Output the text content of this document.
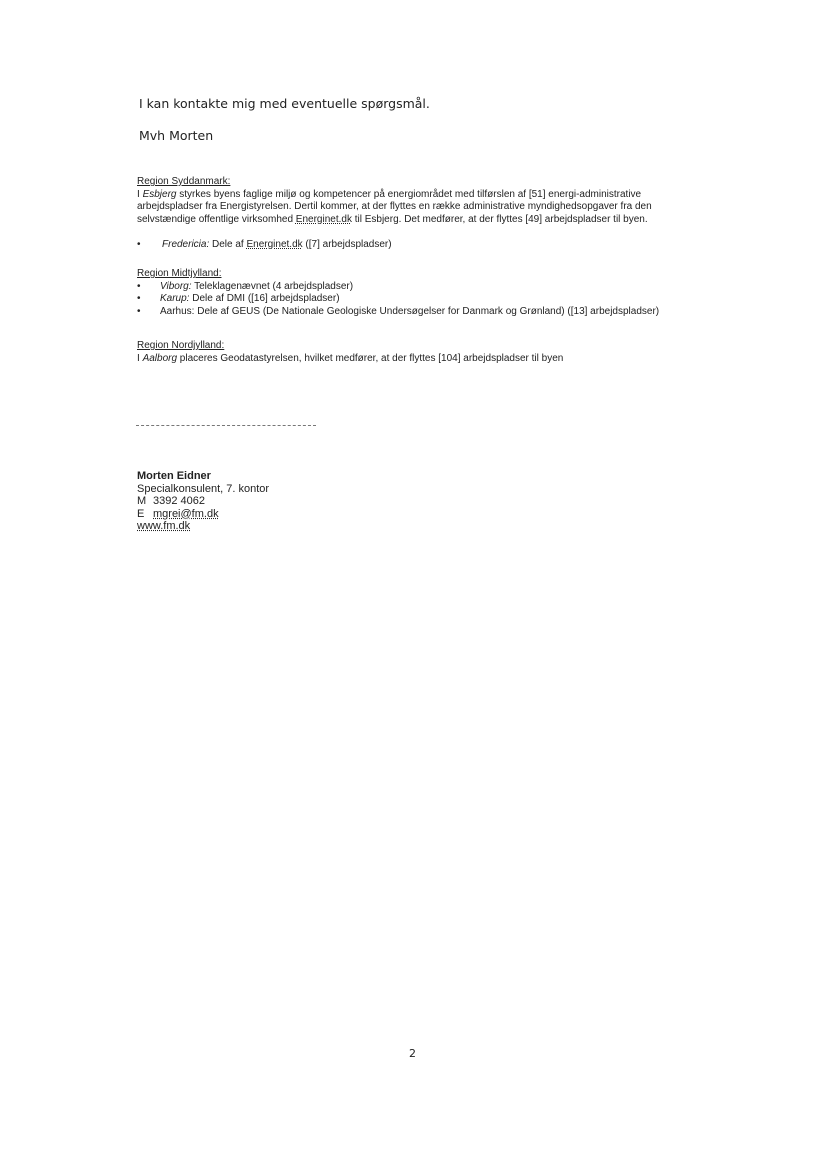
I kan kontakte mig med eventuelle spørgsmål.
Mvh Morten
Region Syddanmark:

I Esbjerg styrkes byens faglige miljø og kompetencer på energiområdet med tilførslen af [51] energi-administrative arbejdspladser fra Energistyrelsen. Dertil kommer, at der flyttes en række administrative myndighedsopgaver fra den selvstændige offentlige virksomhed Energinet.dk til Esbjerg. Det medfører, at der flyttes [49] arbejdspladser til byen.

• Fredericia: Dele af Energinet.dk ([7] arbejdspladser)
Region Midtjylland:
• Viborg: Teleklagenævnet (4 arbejdspladser)
• Karup: Dele af DMI ([16] arbejdspladser)
• Aarhus: Dele af GEUS (De Nationale Geologiske Undersøgelser for Danmark og Grønland) ([13] arbejdspladser)
Region Nordjylland:

I Aalborg placeres Geodatastyrelsen, hvilket medfører, at der flyttes [104] arbejdspladser til byen

Morten Eidner
Specialkonsulent, 7. kontor
M 3392 4062
E mgrei@fm.dk
www.fm.dk
2
